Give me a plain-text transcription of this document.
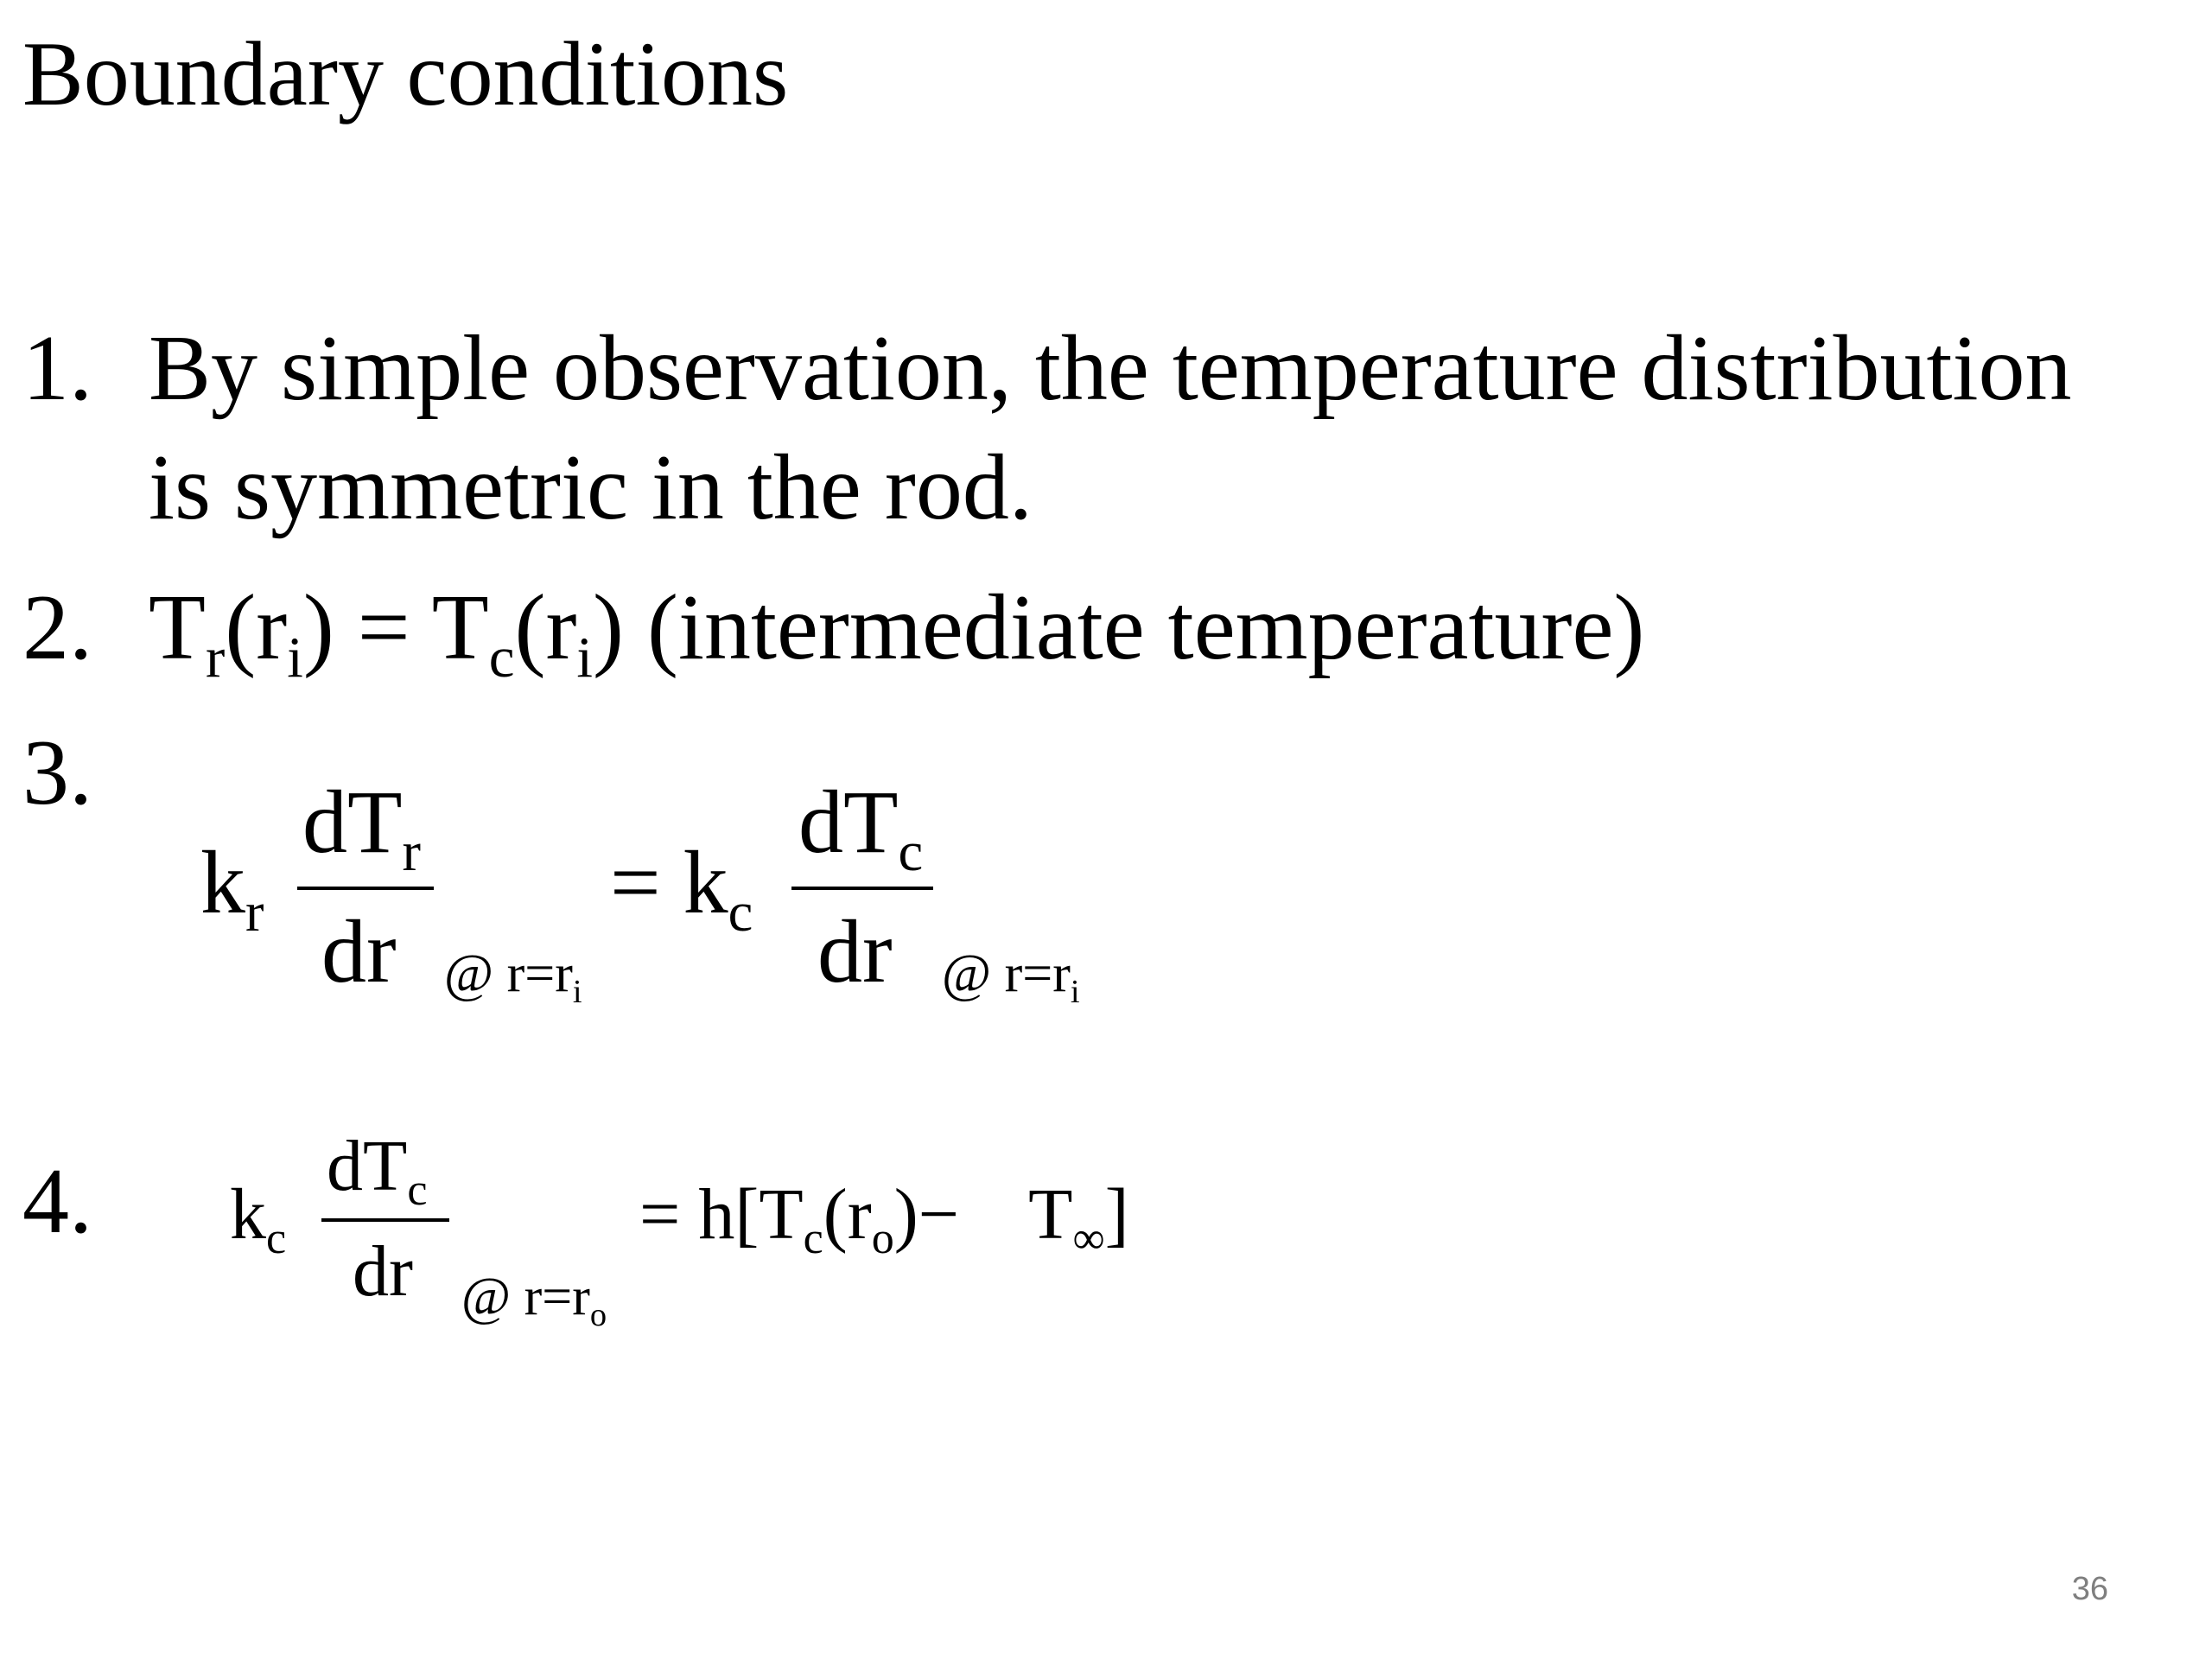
Boundary conditions
1. By simple observation, the temperature distribution
is symmetric in the rod.
2. Tr(ri) = Tc(ri) (intermediate temperature)
3.
kr
dTr
dr @ $r=r_i$
= kc
dTc
dr @ $r=r_i$
4. kc
dTc
dr @ $r=r_o$
= h[Tc(ro)− T∞]
36
